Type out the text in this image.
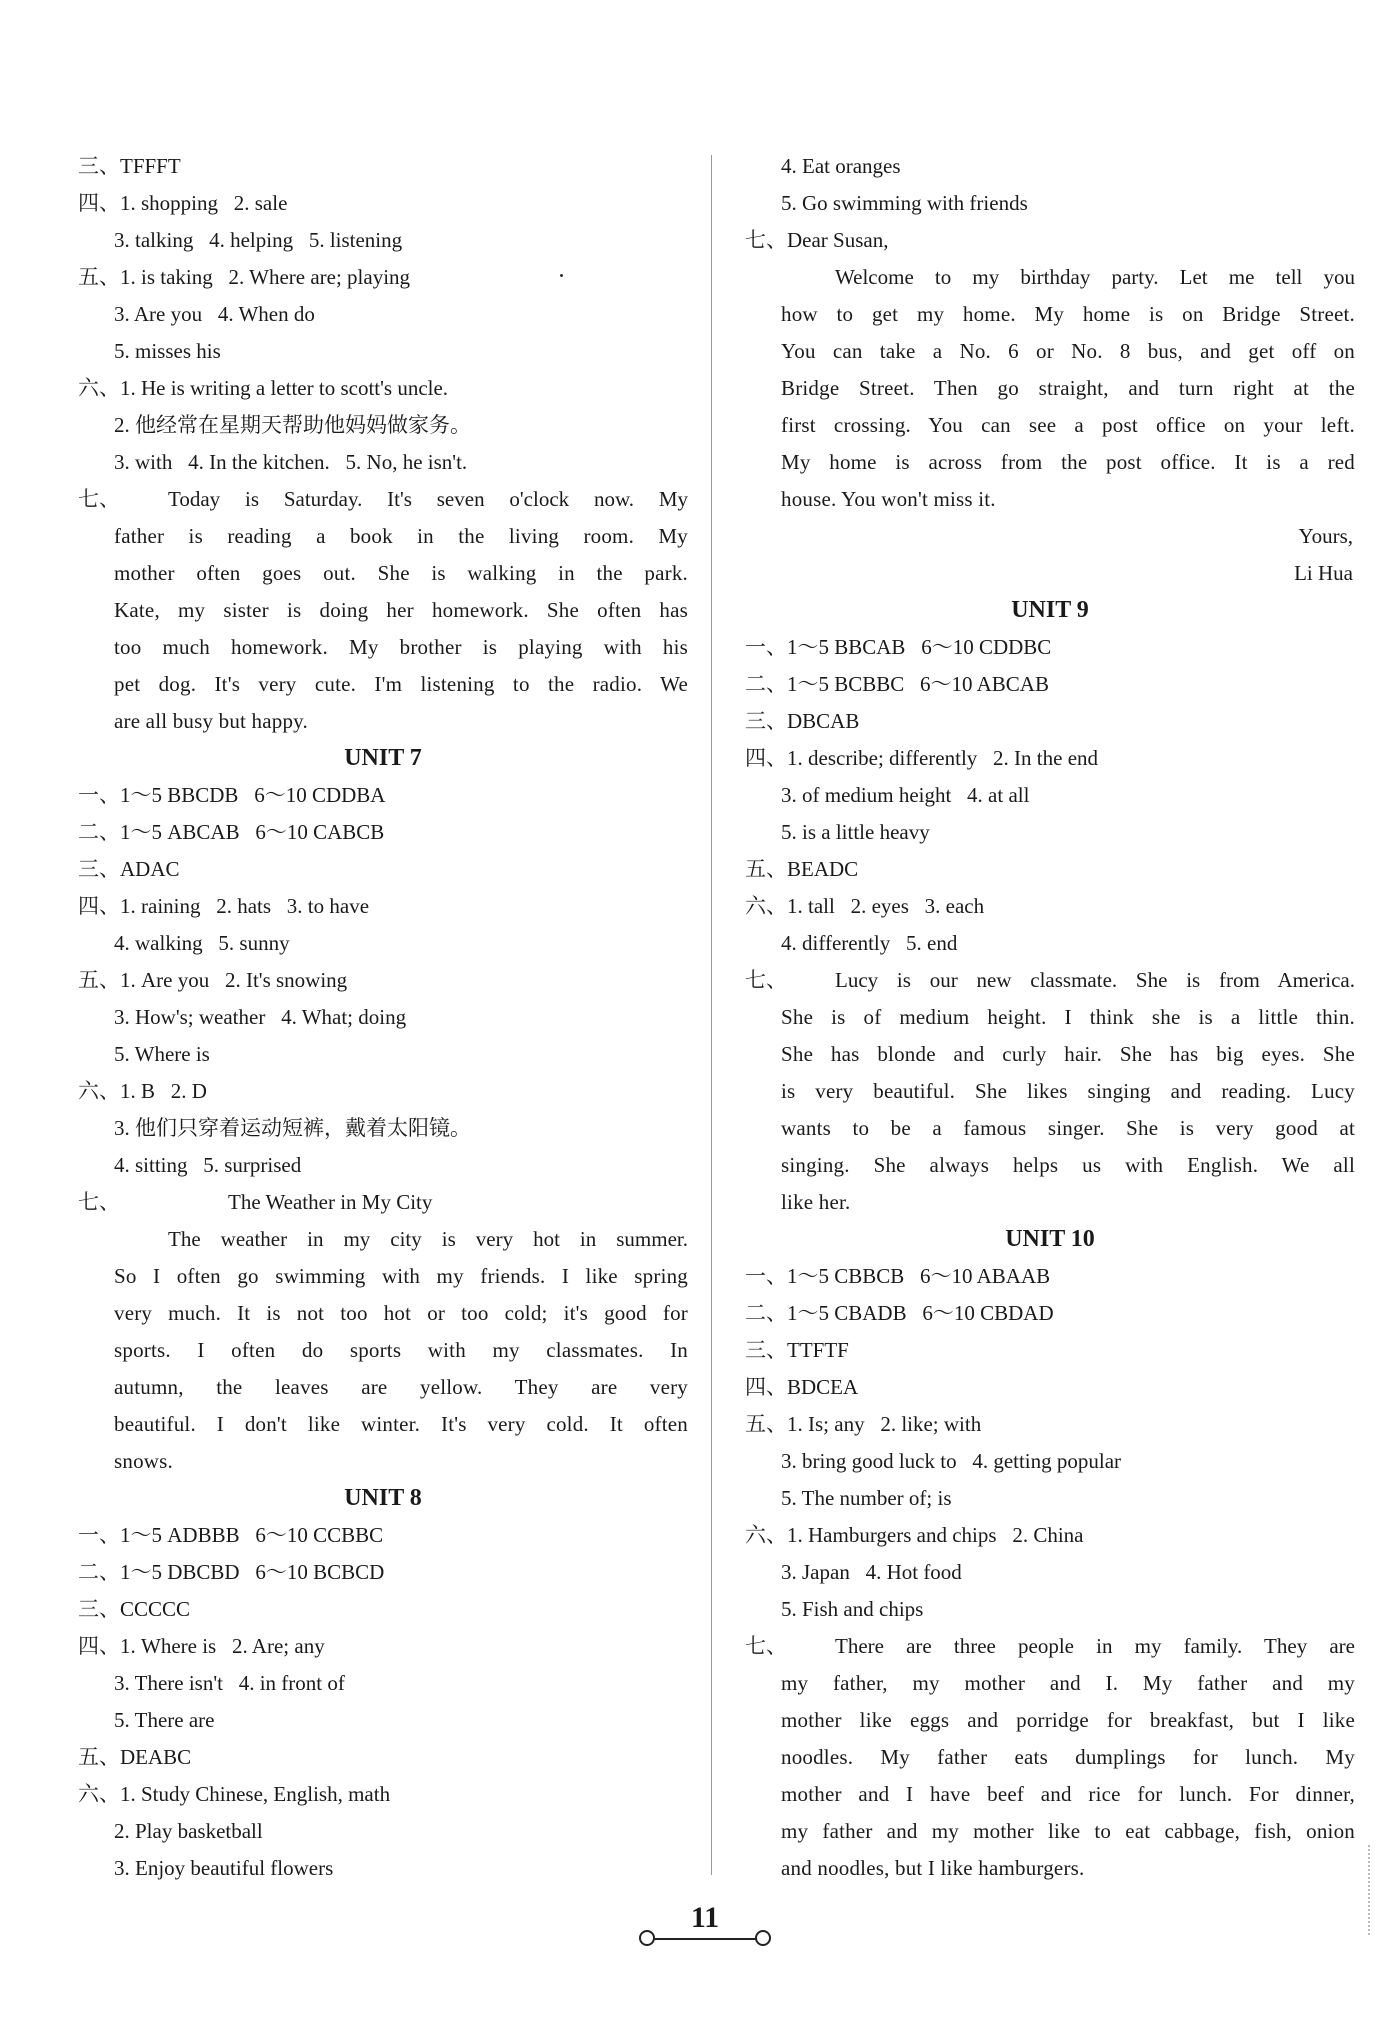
三、TFFFT
四、1. shopping   2. sale
3. talking   4. helping   5. listening
五、1. is taking   2. Where are; playing
3. Are you   4. When do
5. misses his
六、1. He is writing a letter to scott's uncle.
2. 他经常在星期天帮助他妈妈做家务。
3. with   4. In the kitchen.   5. No, he isn't.
七、 Today is Saturday. It's seven o'clock now. My
father is reading a book in the living room. My
mother often goes out. She is walking in the park.
Kate, my sister is doing her homework. She often has
too much homework. My brother is playing with his
pet dog. It's very cute. I'm listening to the radio. We
are all busy but happy.
UNIT 7
一、1～5 BBCDB   6～10 CDDBA
二、1～5 ABCAB   6～10 CABCB
三、ADAC
四、1. raining   2. hats   3. to have
4. walking   5. sunny
五、1. Are you   2. It's snowing
3. How's; weather   4. What; doing
5. Where is
六、1. B   2. D
3. 他们只穿着运动短裤，戴着太阳镜。
4. sitting   5. surprised
七、	The Weather in My City
The weather in my city is very hot in summer.
So I often go swimming with my friends. I like spring
very much. It is not too hot or too cold; it's good for
sports. I often do sports with my classmates. In
autumn, the leaves are yellow. They are very
beautiful. I don't like winter. It's very cold. It often
snows.
UNIT 8
一、1～5 ADBBB   6～10 CCBBC
二、1～5 DBCBD   6～10 BCBCD
三、CCCCC
四、1. Where is   2. Are; any
3. There isn't   4. in front of
5. There are
五、DEABC
六、1. Study Chinese, English, math
2. Play basketball
3. Enjoy beautiful flowers
4. Eat oranges
5. Go swimming with friends
七、Dear Susan,
Welcome to my birthday party. Let me tell you
how to get my home. My home is on Bridge Street.
You can take a No. 6 or No. 8 bus, and get off on
Bridge Street. Then go straight, and turn right at the
first crossing. You can see a post office on your left.
My home is across from the post office. It is a red
house. You won't miss it.
Yours,
Li Hua
UNIT 9
一、1～5 BBCAB   6～10 CDDBC
二、1～5 BCBBC   6～10 ABCAB
三、DBCAB
四、1. describe; differently   2. In the end
3. of medium height   4. at all
5. is a little heavy
五、BEADC
六、1. tall   2. eyes   3. each
4. differently   5. end
七、 Lucy is our new classmate. She is from America.
She is of medium height. I think she is a little thin.
She has blonde and curly hair. She has big eyes. She
is very beautiful. She likes singing and reading. Lucy
wants to be a famous singer. She is very good at
singing. She always helps us with English. We all
like her.
UNIT 10
一、1～5 CBBCB   6～10 ABAAB
二、1～5 CBADB   6～10 CBDAD
三、TTFTF
四、BDCEA
五、1. Is; any   2. like; with
3. bring good luck to   4. getting popular
5. The number of; is
六、1. Hamburgers and chips   2. China
3. Japan   4. Hot food
5. Fish and chips
七、 There are three people in my family. They are
my father, my mother and I. My father and my
mother like eggs and porridge for breakfast, but I like
noodles. My father eats dumplings for lunch. My
mother and I have beef and rice for lunch. For dinner,
my father and my mother like to eat cabbage, fish, onion
and noodles, but I like hamburgers.
11
